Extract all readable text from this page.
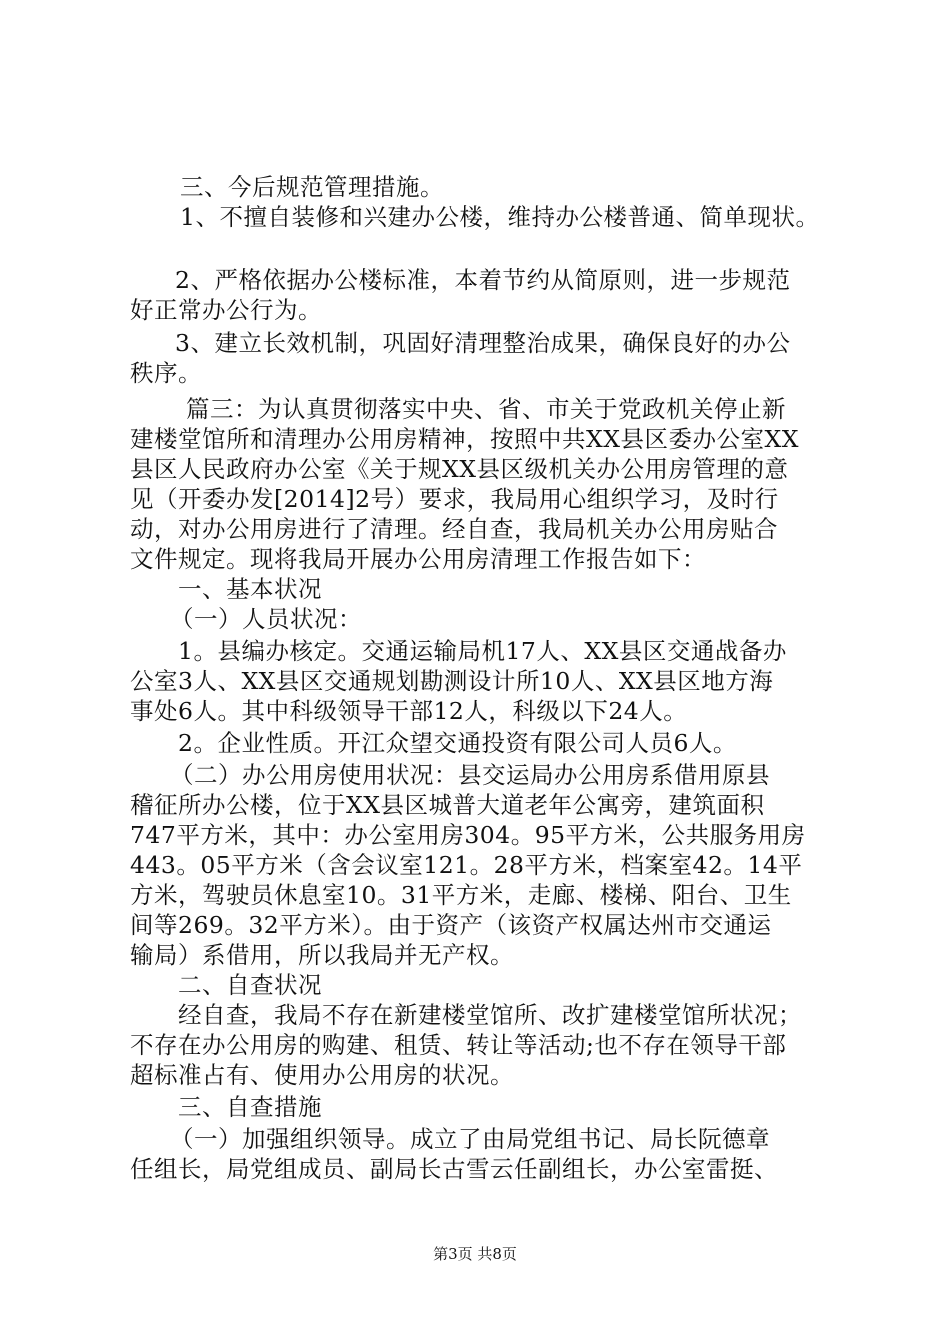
三、今后规范管理措施。
1、不擅自装修和兴建办公楼，维持办公楼普通、简单现状。
2、严格依据办公楼标准，本着节约从简原则，进一步规范
好正常办公行为。
3、建立长效机制，巩固好清理整治成果，确保良好的办公
秩序。
篇三：为认真贯彻落实中央、省、市关于党政机关停止新
建楼堂馆所和清理办公用房精神，按照中共XX县区委办公室XX
县区人民政府办公室《关于规XX县区级机关办公用房管理的意
见（开委办发[2014]2号）要求，我局用心组织学习，及时行
动，对办公用房进行了清理。经自查，我局机关办公用房贴合
文件规定。现将我局开展办公用房清理工作报告如下：
一、基本状况
（一）人员状况：
1。县编办核定。交通运输局机17人、XX县区交通战备办
公室3人、XX县区交通规划勘测设计所10人、XX县区地方海
事处6人。其中科级领导干部12人，科级以下24人。
2。企业性质。开江众望交通投资有限公司人员6人。
（二）办公用房使用状况：县交运局办公用房系借用原县
稽征所办公楼，位于XX县区城普大道老年公寓旁，建筑面积
747平方米，其中：办公室用房304。95平方米，公共服务用房
443。05平方米（含会议室121。28平方米，档案室42。14平
方米，驾驶员休息室10。31平方米，走廊、楼梯、阳台、卫生
间等269。32平方米）。由于资产（该资产权属达州市交通运
输局）系借用，所以我局并无产权。
二、自查状况
经自查，我局不存在新建楼堂馆所、改扩建楼堂馆所状况；
不存在办公用房的购建、租赁、转让等活动;也不存在领导干部
超标准占有、使用办公用房的状况。
三、自查措施
（一）加强组织领导。成立了由局党组书记、局长阮德章
任组长，局党组成员、副局长古雪云任副组长，办公室雷挺、
第3页 共8页
